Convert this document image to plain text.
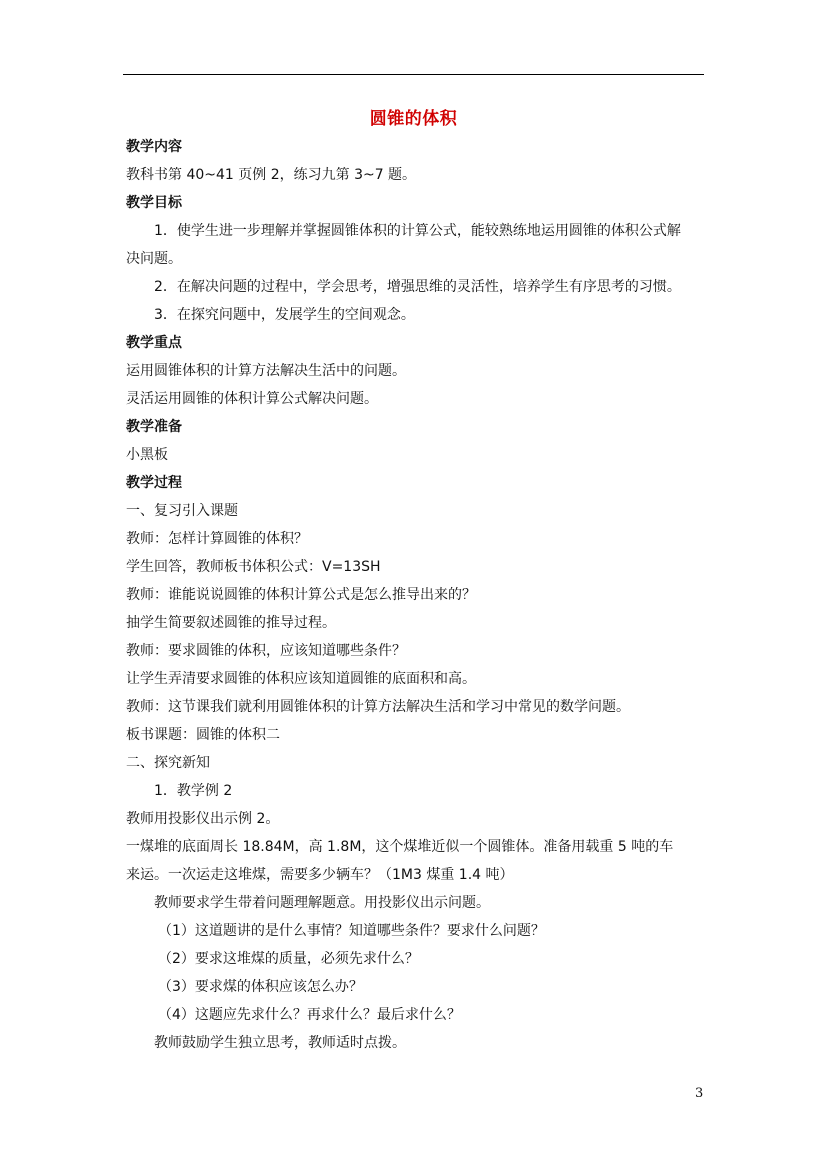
圆锥的体积
教学内容
教科书第 40~41 页例 2，练习九第 3~7 题。
教学目标
1．使学生进一步理解并掌握圆锥体积的计算公式，能较熟练地运用圆锥的体积公式解
决问题。
2．在解决问题的过程中，学会思考，增强思维的灵活性，培养学生有序思考的习惯。
3．在探究问题中，发展学生的空间观念。
教学重点
运用圆锥体积的计算方法解决生活中的问题。
灵活运用圆锥的体积计算公式解决问题。
教学准备
小黑板
教学过程
一、复习引入课题
教师：怎样计算圆锥的体积？
学生回答，教师板书体积公式：V=13SH
教师：谁能说说圆锥的体积计算公式是怎么推导出来的？
抽学生简要叙述圆锥的推导过程。
教师：要求圆锥的体积，应该知道哪些条件？
让学生弄清要求圆锥的体积应该知道圆锥的底面积和高。
教师：这节课我们就利用圆锥体积的计算方法解决生活和学习中常见的数学问题。
板书课题：圆锥的体积二
二、探究新知
1．教学例 2
教师用投影仪出示例 2。
一煤堆的底面周长 18.84M，高 1.8M，这个煤堆近似一个圆锥体。准备用载重 5 吨的车
来运。一次运走这堆煤，需要多少辆车？（1M3 煤重 1.4 吨）
教师要求学生带着问题理解题意。用投影仪出示问题。
（1）这道题讲的是什么事情？知道哪些条件？要求什么问题？
（2）要求这堆煤的质量，必须先求什么？
（3）要求煤的体积应该怎么办？
（4）这题应先求什么？再求什么？最后求什么？
教师鼓励学生独立思考，教师适时点拨。
3
